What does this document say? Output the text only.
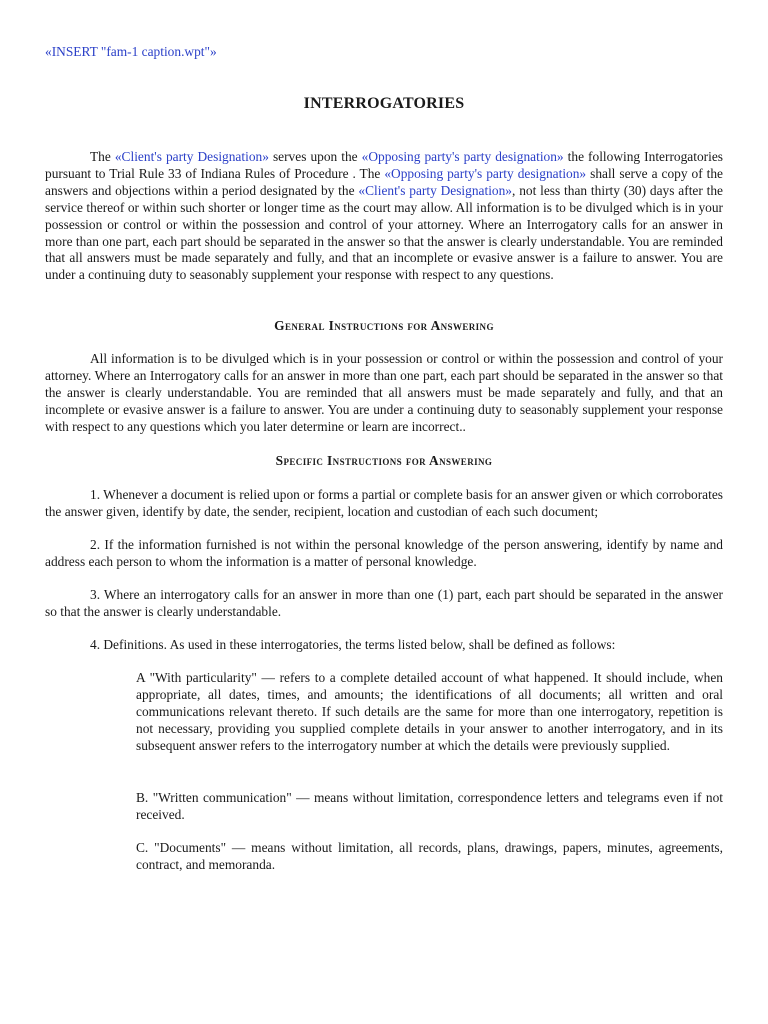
«INSERT "fam-1 caption.wpt"»
INTERROGATORIES

The «Client's party Designation» serves upon the «Opposing party's party designation» the following Interrogatories pursuant to Trial Rule 33 of Indiana Rules of Procedure . The «Opposing party's party designation» shall serve a copy of the answers and objections within a period designated by the «Client's party Designation», not less than thirty (30) days after the service thereof or within such shorter or longer time as the court may allow. All information is to be divulged which is in your possession or control or within the possession and control of your attorney. Where an Interrogatory calls for an answer in more than one part, each part should be separated in the answer so that the answer is clearly understandable. You are reminded that all answers must be made separately and fully, and that an incomplete or evasive answer is a failure to answer. You are under a continuing duty to seasonably supplement your response with respect to any questions.

General Instructions for Answering

All information is to be divulged which is in your possession or control or within the possession and control of your attorney. Where an Interrogatory calls for an answer in more than one part, each part should be separated in the answer so that the answer is clearly understandable. You are reminded that all answers must be made separately and fully, and that an incomplete or evasive answer is a failure to answer. You are under a continuing duty to seasonably supplement your response with respect to any questions which you later determine or learn are incorrect..

Specific Instructions for Answering

1. Whenever a document is relied upon or forms a partial or complete basis for an answer given or which corroborates the answer given, identify by date, the sender, recipient, location and custodian of each such document;

2. If the information furnished is not within the personal knowledge of the person answering, identify by name and address each person to whom the information is a matter of personal knowledge.

3. Where an interrogatory calls for an answer in more than one (1) part, each part should be separated in the answer so that the answer is clearly understandable.

4. Definitions. As used in these interrogatories, the terms listed below, shall be defined as follows:

A "With particularity" — refers to a complete detailed account of what happened. It should include, when appropriate, all dates, times, and amounts; the identifications of all documents; all written and oral communications relevant thereto. If such details are the same for more than one interrogatory, repetition is not necessary, providing you supplied complete details in your answer to another interrogatory, and in its subsequent answer refers to the interrogatory number at which the details were previously supplied.

B. "Written communication" — means without limitation, correspondence letters and telegrams even if not received.

C. "Documents" — means without limitation, all records, plans, drawings, papers, minutes, agreements, contract, and memoranda.
